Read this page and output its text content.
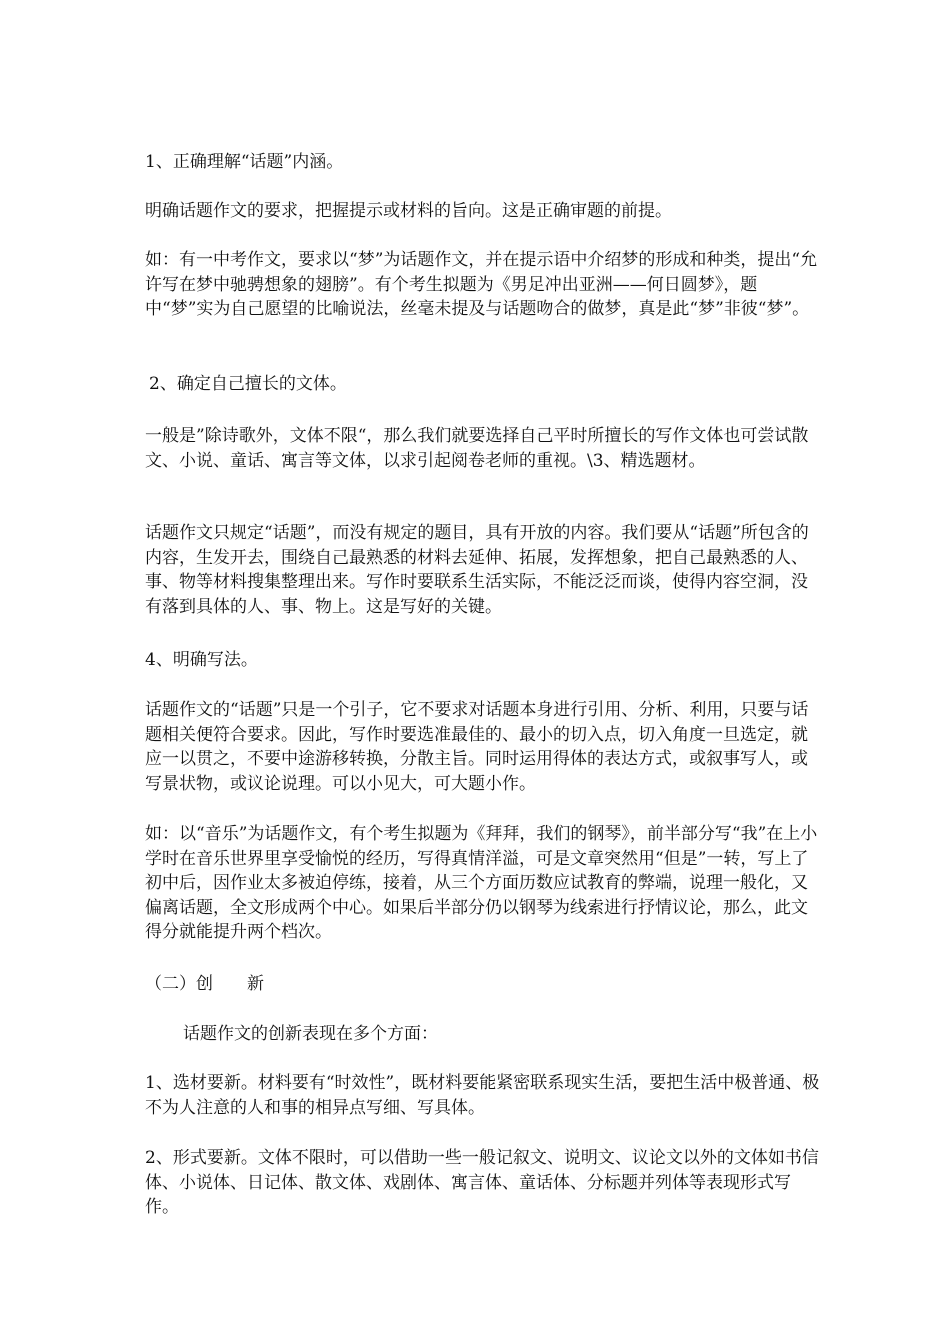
1、正确理解“话题”内涵。

明确话题作文的要求，把握提示或材料的旨向。这是正确审题的前提。

如：有一中考作文，要求以“梦”为话题作文，并在提示语中介绍梦的形成和种类，提出“允许写在梦中驰骋想象的翅膀”。有个考生拟题为《男足冲出亚洲——何日圆梦》，题中“梦”实为自己愿望的比喻说法，丝毫未提及与话题吻合的做梦，真是此“梦”非彼“梦”。

2、确定自己擅长的文体。

一般是”除诗歌外，文体不限“，那么我们就要选择自己平时所擅长的写作文体也可尝试散文、小说、童话、寓言等文体，以求引起阅卷老师的重视。\3、精选题材。

话题作文只规定“话题”，而没有规定的题目，具有开放的内容。我们要从“话题”所包含的内容，生发开去，围绕自己最熟悉的材料去延伸、拓展，发挥想象，把自己最熟悉的人、事、物等材料搜集整理出来。写作时要联系生活实际，不能泛泛而谈，使得内容空洞，没有落到具体的人、事、物上。这是写好的关键。

4、明确写法。

话题作文的“话题”只是一个引子，它不要求对话题本身进行引用、分析、利用，只要与话题相关便符合要求。因此，写作时要选准最佳的、最小的切入点，切入角度一旦选定，就应一以贯之，不要中途游移转换，分散主旨。同时运用得体的表达方式，或叙事写人，或写景状物，或议论说理。可以小见大，可大题小作。

如：以“音乐”为话题作文，有个考生拟题为《拜拜，我们的钢琴》，前半部分写“我”在上小学时在音乐世界里享受愉悦的经历，写得真情洋溢，可是文章突然用“但是”一转，写上了初中后，因作业太多被迫停练，接着，从三个方面历数应试教育的弊端，说理一般化，又偏离话题，全文形成两个中心。如果后半部分仍以钢琴为线索进行抒情议论，那么，此文得分就能提升两个档次。

（二）创　　新

话题作文的创新表现在多个方面：

1、选材要新。材料要有“时效性”，既材料要能紧密联系现实生活，要把生活中极普通、极不为人注意的人和事的相异点写细、写具体。

2、形式要新。文体不限时，可以借助一些一般记叙文、说明文、议论文以外的文体如书信体、小说体、日记体、散文体、戏剧体、寓言体、童话体、分标题并列体等表现形式写作。
